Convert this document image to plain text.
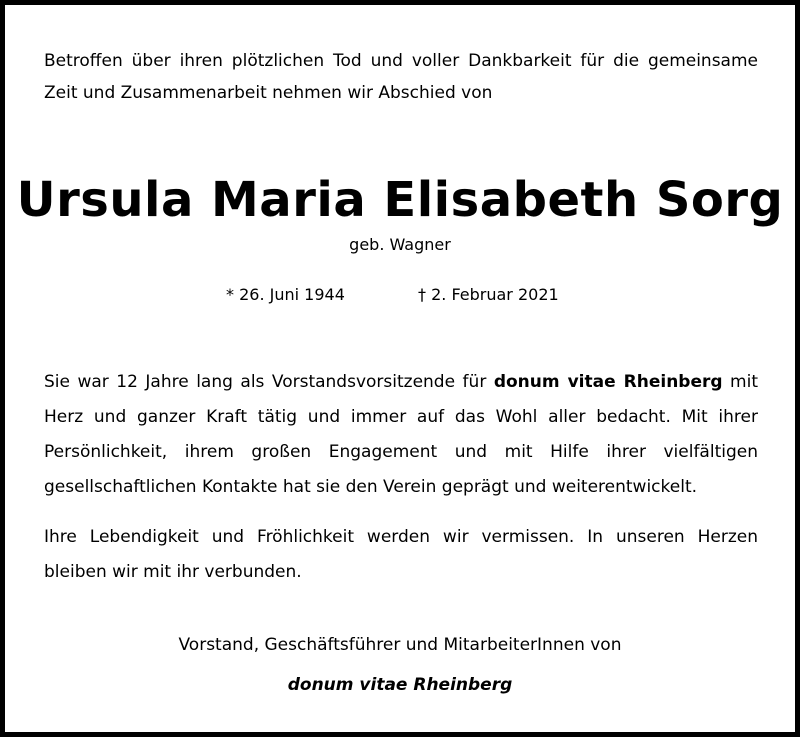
Betroffen über ihren plötzlichen Tod und voller Dankbarkeit für die gemeinsame Zeit und Zusammenarbeit nehmen wir Abschied von
Ursula Maria Elisabeth Sorg
geb. Wagner
* 26. Juni 1944	† 2. Februar 2021
Sie war 12 Jahre lang als Vorstandsvorsitzende für donum vitae Rheinberg mit Herz und ganzer Kraft tätig und immer auf das Wohl aller bedacht. Mit ihrer Persönlichkeit, ihrem großen Engagement und mit Hilfe ihrer vielfältigen gesellschaftlichen Kontakte hat sie den Verein geprägt und weiterentwickelt.
Ihre Lebendigkeit und Fröhlichkeit werden wir vermissen. In unseren Herzen bleiben wir mit ihr verbunden.
Vorstand, Geschäftsführer und MitarbeiterInnen von
donum vitae Rheinberg
